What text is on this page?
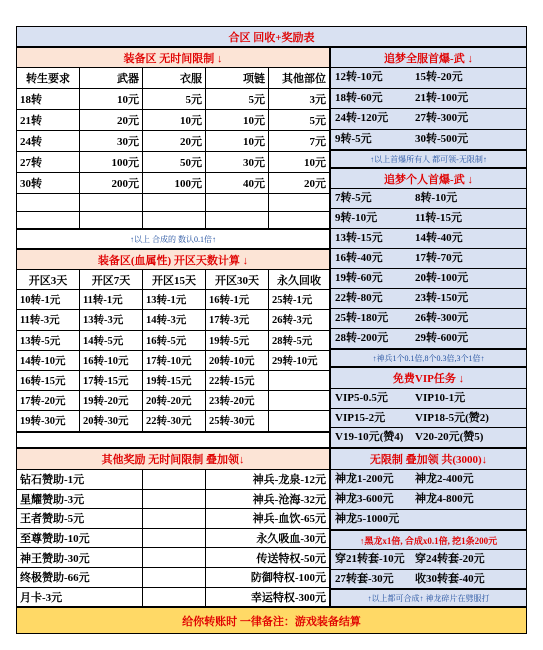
合区 回收+奖励表
装备区 无时间限制 ↓
转生要求	武器	衣服	项链	其他部位
18转	10元	5元	5元	3元
21转	20元	10元	10元	5元
24转	30元	20元	10元	7元
27转	100元	50元	30元	10元
30转	200元	100元	40元	20元
↑以上 合成的 数认0.1倍↑
装备区(血属性) 开区天数计算 ↓
开区3天	开区7天	开区15天	开区30天	永久回收
10转-1元	11转-1元	13转-1元	16转-1元	25转-1元
11转-3元	13转-3元	14转-3元	17转-3元	26转-3元
13转-5元	14转-5元	16转-5元	19转-5元	28转-5元
14转-10元	16转-10元	17转-10元	20转-10元	29转-10元
16转-15元	17转-15元	19转-15元	22转-15元
17转-20元	19转-20元	20转-20元	23转-20元
19转-30元	20转-30元	22转-30元	25转-30元
其他奖励 无时间限制 叠加领↓
钻石赞助-1元	神兵-龙泉-12元
星耀赞助-3元	神兵-沧海-32元
王者赞助-5元	神兵-血饮-65元
至尊赞助-10元	永久吸血-30元
神王赞助-30元	传送特权-50元
终极赞助-66元	防御特权-100元
月卡-3元	幸运特权-300元
追梦全服首爆-武 ↓
12转-10元	15转-20元
18转-60元	21转-100元
24转-120元 27转-300元
9转-5元	30转-500元
↑以上首爆所有人 都可领-无限制↑
追梦个人首爆-武 ↓
7转-5元	8转-10元
9转-10元	11转-15元
13转-15元	14转-40元
16转-40元	17转-70元
19转-60元	20转-100元
22转-80元	23转-150元
25转-180元 26转-300元
28转-200元 29转-600元
↑神兵1个0.1倍,8个0.3倍,3个1倍↑
免费VIP任务 ↓
VIP5-0.5元 VIP10-1元
VIP15-2元	VIP18-5元(赞2)
V19-10元(赞4) V20-20元(赞5)
无限制 叠加领 共(3000)↓
神龙1-200元 神龙2-400元
神龙3-600元 神龙4-800元
神龙5-1000元
↑黑龙x1倍, 合成x0.1倍, 挖1条200元
穿21转套-10元 穿24转套-20元
27转套-30元 收30转套-40元
↑以上都可合成↑ 神龙碎片在劈服打
给你转账时 一律备注：游戏装备结算
